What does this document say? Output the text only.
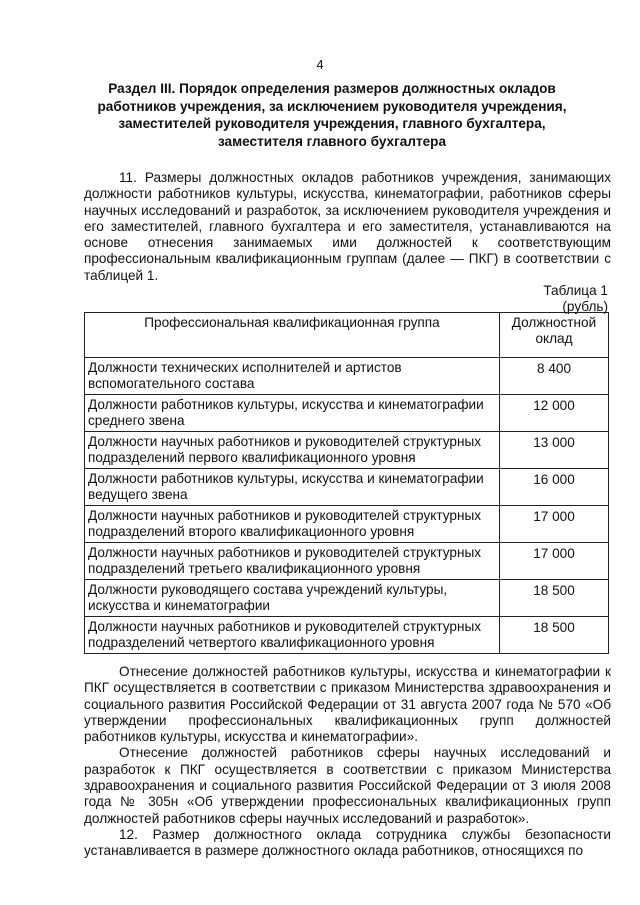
4
Раздел III. Порядок определения размеров должностных окладов работников учреждения, за исключением руководителя учреждения, заместителей руководителя учреждения, главного бухгалтера, заместителя главного бухгалтера
11. Размеры должностных окладов работников учреждения, занимающих должности работников культуры, искусства, кинематографии, работников сферы научных исследований и разработок, за исключением руководителя учреждения и его заместителей, главного бухгалтера и его заместителя, устанавливаются на основе отнесения занимаемых ими должностей к соответствующим профессиональным квалификационным группам (далее — ПКГ) в соответствии с таблицей 1.
Таблица 1
(рубль)
Профессиональная квалификационная группа	Должностной оклад
Должности технических исполнителей и артистов вспомогательного состава	8 400
Должности работников культуры, искусства и кинематографии среднего звена	12 000
Должности научных работников и руководителей структурных подразделений первого квалификационного уровня	13 000
Должности работников культуры, искусства и кинематографии ведущего звена	16 000
Должности научных работников и руководителей структурных подразделений второго квалификационного уровня	17 000
Должности научных работников и руководителей структурных подразделений третьего квалификационного уровня	17 000
Должности руководящего состава учреждений культуры, искусства и кинематографии	18 500
Должности научных работников и руководителей структурных подразделений четвертого квалификационного уровня	18 500

Отнесение должностей работников культуры, искусства и кинематографии к ПКГ осуществляется в соответствии с приказом Министерства здравоохранения и социального развития Российской Федерации от 31 августа 2007 года № 570 «Об утверждении профессиональных квалификационных групп должностей работников культуры, искусства и кинематографии».

Отнесение должностей работников сферы научных исследований и разработок к ПКГ осуществляется в соответствии с приказом Министерства здравоохранения и социального развития Российской Федерации от 3 июля 2008 года № 305н «Об утверждении профессиональных квалификационных групп должностей работников сферы научных исследований и разработок».

12. Размер должностного оклада сотрудника службы безопасности устанавливается в размере должностного оклада работников, относящихся по
